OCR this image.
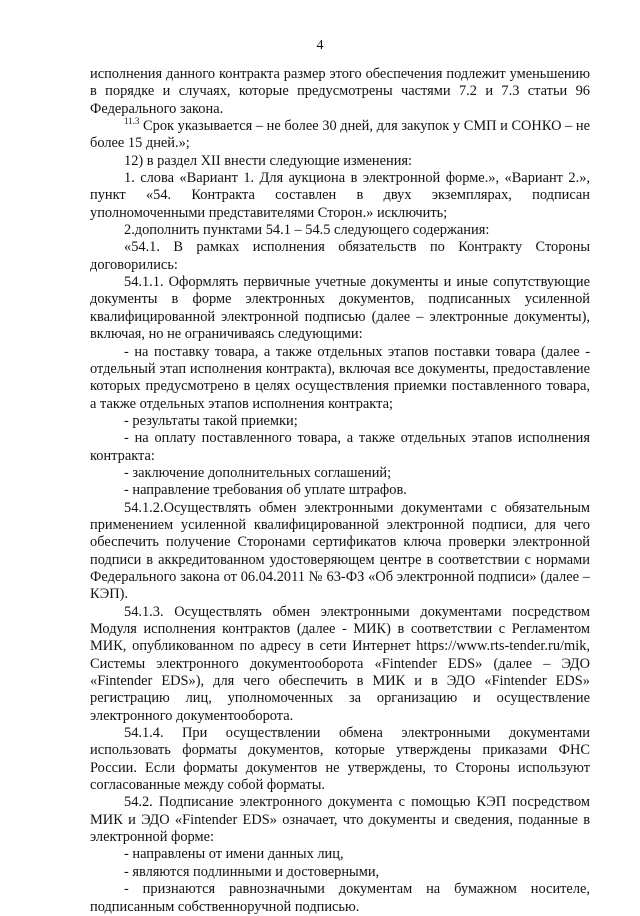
4

исполнения данного контракта размер этого обеспечения подлежит уменьшению в порядке и случаях, которые предусмотрены частями 7.2 и 7.3 статьи 96 Федерального закона.

$^{11.3}$ Срок указывается – не более 30 дней, для закупок у СМП и СОНКО – не более 15 дней.»;

12) в раздел XII внести следующие изменения:

1. слова «Вариант 1. Для аукциона в электронной форме.», «Вариант 2.», пункт «54. Контракта составлен в двух экземплярах, подписан уполномоченными представителями Сторон.» исключить;

2.дополнить пунктами 54.1 – 54.5 следующего содержания:

«54.1. В рамках исполнения обязательств по Контракту Стороны договорились:

54.1.1. Оформлять первичные учетные документы и иные сопутствующие документы в форме электронных документов, подписанных усиленной квалифицированной электронной подписью (далее – электронные документы), включая, но не ограничиваясь следующими:

- на поставку товара, а также отдельных этапов поставки товара (далее - отдельный этап исполнения контракта), включая все документы, предоставление которых предусмотрено в целях осуществления приемки поставленного товара, а также отдельных этапов исполнения контракта;

- результаты такой приемки;

- на оплату поставленного товара, а также отдельных этапов исполнения контракта:

- заключение дополнительных соглашений;

- направление требования об уплате штрафов.

54.1.2.Осуществлять обмен электронными документами с обязательным применением усиленной квалифицированной электронной подписи, для чего обеспечить получение Сторонами сертификатов ключа проверки электронной подписи в аккредитованном удостоверяющем центре в соответствии с нормами Федерального закона от 06.04.2011 № 63-ФЗ «Об электронной подписи» (далее – КЭП).

54.1.3. Осуществлять обмен электронными документами посредством Модуля исполнения контрактов (далее - МИК) в соответствии с Регламентом МИК, опубликованном по адресу в сети Интернет https://www.rts-tender.ru/mik, Системы электронного документооборота «Fintender EDS» (далее – ЭДО «Fintender EDS»), для чего обеспечить в МИК и в ЭДО «Fintender EDS» регистрацию лиц, уполномоченных за организацию и осуществление электронного документооборота.

54.1.4. При осуществлении обмена электронными документами использовать форматы документов, которые утверждены приказами ФНС России. Если форматы документов не утверждены, то Стороны используют согласованные между собой форматы.

54.2. Подписание электронного документа с помощью КЭП посредством МИК и ЭДО «Fintender EDS» означает, что документы и сведения, поданные в электронной форме:

- направлены от имени данных лиц,

- являются подлинными и достоверными,

- признаются равнозначными документам на бумажном носителе, подписанным собственноручной подписью.
